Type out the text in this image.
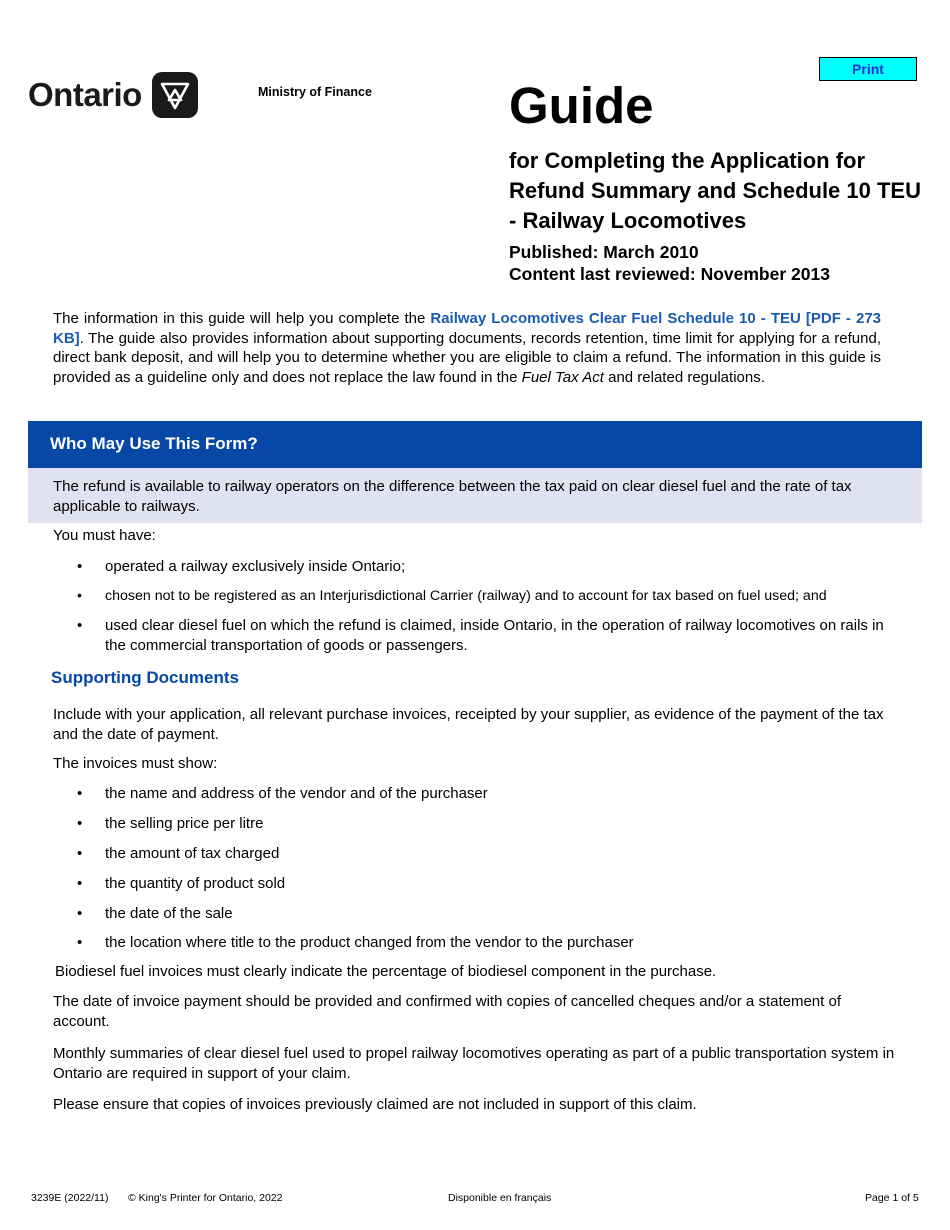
Ontario	Ministry of Finance
Print
Guide
for Completing the Application for Refund Summary and Schedule 10 TEU - Railway Locomotives
Published: March 2010
Content last reviewed: November 2013
The information in this guide will help you complete the Railway Locomotives Clear Fuel Schedule 10 - TEU [PDF - 273 KB]. The guide also provides information about supporting documents, records retention, time limit for applying for a refund, direct bank deposit, and will help you to determine whether you are eligible to claim a refund. The information in this guide is provided as a guideline only and does not replace the law found in the Fuel Tax Act and related regulations.
Who May Use This Form?
The refund is available to railway operators on the difference between the tax paid on clear diesel fuel and the rate of tax applicable to railways.
You must have:
• operated a railway exclusively inside Ontario;
• chosen not to be registered as an Interjurisdictional Carrier (railway) and to account for tax based on fuel used; and
• used clear diesel fuel on which the refund is claimed, inside Ontario, in the operation of railway locomotives on rails in the commercial transportation of goods or passengers.
Supporting Documents
Include with your application, all relevant purchase invoices, receipted by your supplier, as evidence of the payment of the tax and the date of payment.
The invoices must show:
• the name and address of the vendor and of the purchaser
• the selling price per litre
• the amount of tax charged
• the quantity of product sold
• the date of the sale
• the location where title to the product changed from the vendor to the purchaser
Biodiesel fuel invoices must clearly indicate the percentage of biodiesel component in the purchase.
The date of invoice payment should be provided and confirmed with copies of cancelled cheques and/or a statement of account.
Monthly summaries of clear diesel fuel used to propel railway locomotives operating as part of a public transportation system in Ontario are required in support of your claim.
Please ensure that copies of invoices previously claimed are not included in support of this claim.
3239E (2022/11) © King's Printer for Ontario, 2022	Disponible en français	Page 1 of 5
